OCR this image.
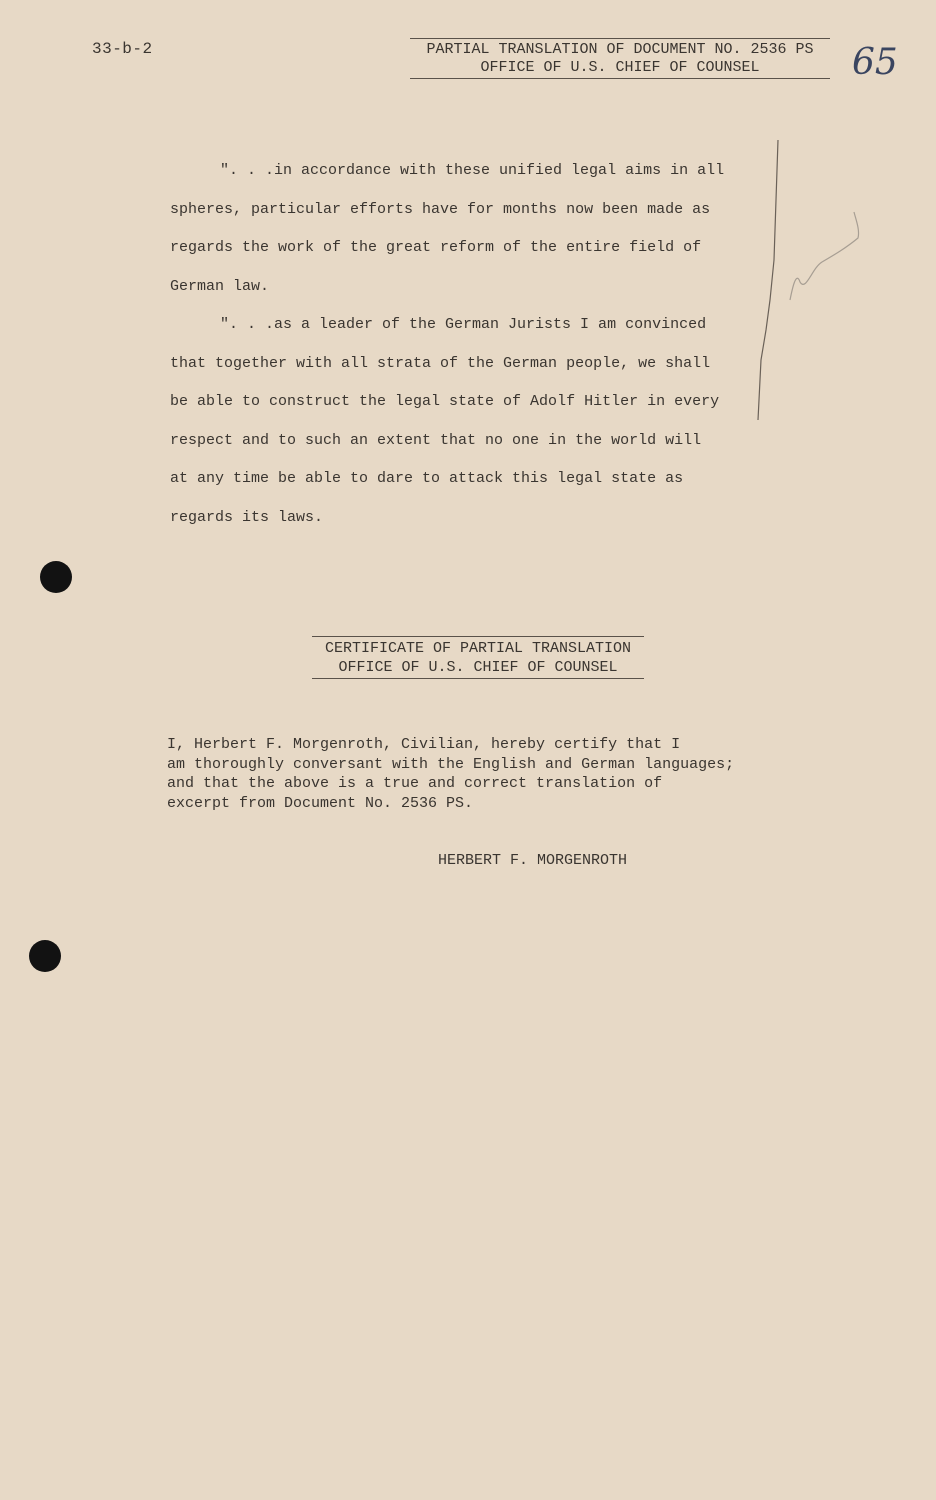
33-b-2	PARTIAL TRANSLATION OF DOCUMENT NO. 2536 PS
OFFICE OF U.S. CHIEF OF COUNSEL	65
". . .in accordance with these unified legal aims in all
spheres, particular efforts have for months now been made as
regards the work of the great reform of the entire field of
German law.
". . .as a leader of the German Jurists I am convinced
that together with all strata of the German people, we shall
be able to construct the legal state of Adolf Hitler in every
respect and to such an extent that no one in the world will
at any time be able to dare to attack this legal state as
regards its laws.
CERTIFICATE OF PARTIAL TRANSLATION
OFFICE OF U.S. CHIEF OF COUNSEL
I, Herbert F. Morgenroth, Civilian, hereby certify that I
am thoroughly conversant with the English and German languages;
and that the above is a true and correct translation of
excerpt from Document No. 2536 PS.
HERBERT F. MORGENROTH
